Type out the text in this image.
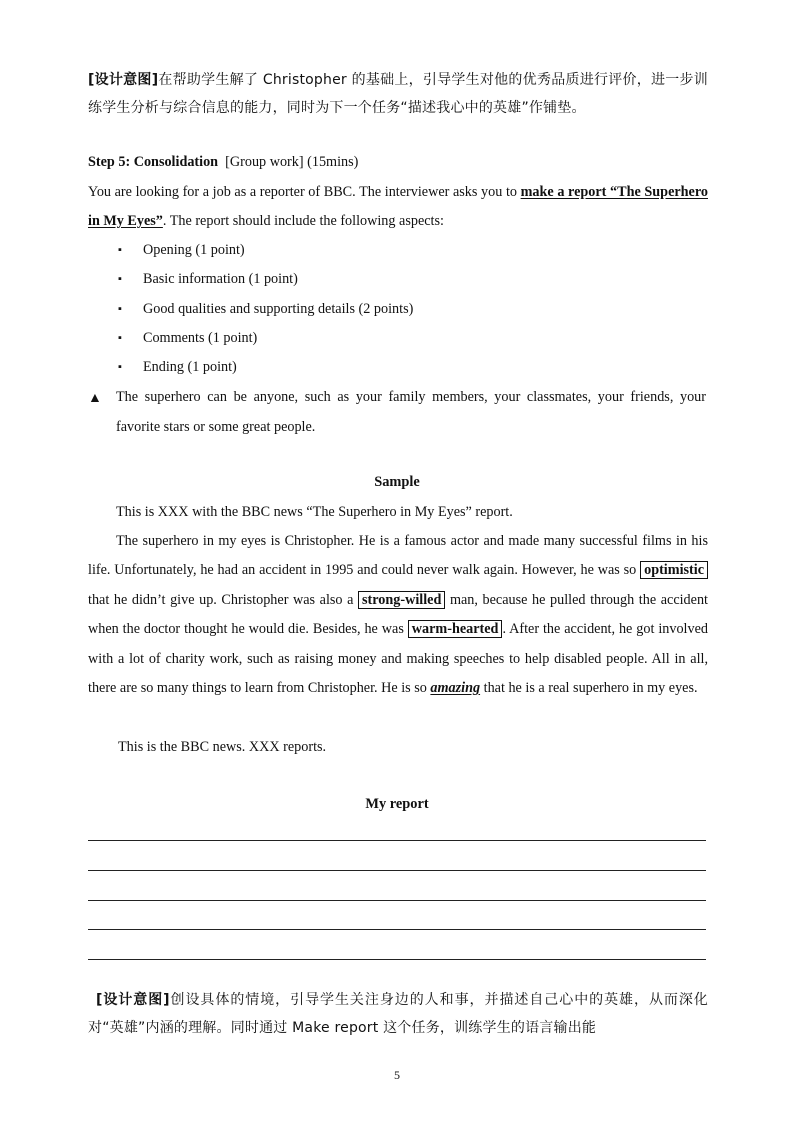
[设计意图]在帮助学生解了 Christopher 的基础上，引导学生对他的优秀品质进行评价，进一步训练学生分析与综合信息的能力，同时为下一个任务“描述我心中的英雄”作铺垫。
Step 5: Consolidation [Group work] (15mins)
You are looking for a job as a reporter of BBC. The interviewer asks you to make a report “The Superhero in My Eyes”. The report should include the following aspects:
▪ Opening (1 point)
▪ Basic information (1 point)
▪ Good qualities and supporting details (2 points)
▪ Comments (1 point)
▪ Ending (1 point)
▲ The superhero can be anyone, such as your family members, your classmates, your friends, your favorite stars or some great people.
Sample
This is XXX with the BBC news “The Superhero in My Eyes” report.
The superhero in my eyes is Christopher. He is a famous actor and made many successful films in his life. Unfortunately, he had an accident in 1995 and could never walk again. However, he was so optimistic that he didn’t give up. Christopher was also a strong-willed man, because he pulled through the accident when the doctor thought he would die. Besides, he was warm-hearted . After the accident, he got involved with a lot of charity work, such as raising money and making speeches to help disabled people. All in all, there are so many things to learn from Christopher. He is so amazing that he is a real superhero in my eyes.
This is the BBC news. XXX reports.
My report
[设计意图]创设具体的情境，引导学生关注身边的人和事，并描述自己心中的英雄，从而深化对“英雄”内涵的理解。同时通过 Make report 这个任务，训练学生的语言输出能
5
